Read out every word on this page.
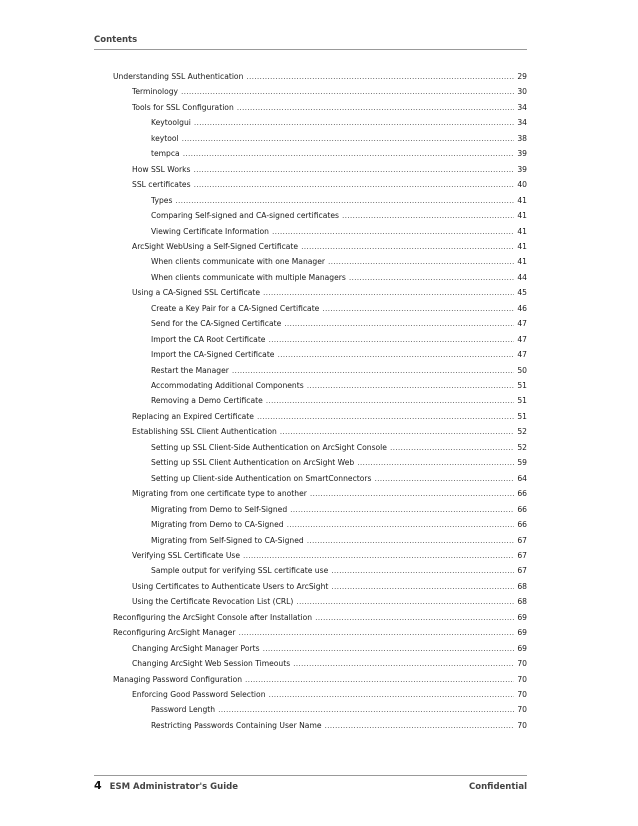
Contents
Understanding SSL Authentication . . .	29
Terminology . . .	30
Tools for SSL Configuration . . .	34
Keytoolgui . . .	34
keytool . . .	38
tempca . . .	39
How SSL Works . . .	39
SSL certificates . . .	40
Types . . .	41
Comparing Self-signed and CA-signed certificates . . .	41
Viewing Certificate Information . . .	41
ArcSight WebUsing a Self-Signed Certificate . . .	41
When clients communicate with one Manager . . .	41
When clients communicate with multiple Managers . . .	44
Using a CA-Signed SSL Certificate . . .	45
Create a Key Pair for a CA-Signed Certificate . . .	46
Send for the CA-Signed Certificate . . .	47
Import the CA Root Certificate . . .	47
Import the CA-Signed Certificate . . .	47
Restart the Manager . . .	50
Accommodating Additional Components . . .	51
Removing a Demo Certificate . . .	51
Replacing an Expired Certificate . . .	51
Establishing SSL Client Authentication . . .	52
Setting up SSL Client-Side Authentication on ArcSight Console . . .	52
Setting up SSL Client Authentication on ArcSight Web . . .	59
Setting up Client-side Authentication on SmartConnectors . . .	64
Migrating from one certificate type to another . . .	66
Migrating from Demo to Self-Signed . . .	66
Migrating from Demo to CA-Signed . . .	66
Migrating from Self-Signed to CA-Signed . . .	67
Verifying SSL Certificate Use . . .	67
Sample output for verifying SSL certificate use . . .	67
Using Certificates to Authenticate Users to ArcSight . . .	68
Using the Certificate Revocation List (CRL) . . .	68
Reconfiguring the ArcSight Console after Installation . . .	69
Reconfiguring ArcSight Manager . . .	69
Changing ArcSight Manager Ports . . .	69
Changing ArcSight Web Session Timeouts . . .	70
Managing Password Configuration . . .	70
Enforcing Good Password Selection . . .	70
Password Length . . .	70
Restricting Passwords Containing User Name . . .	70
4 ESM Administrator's Guide	Confidential
